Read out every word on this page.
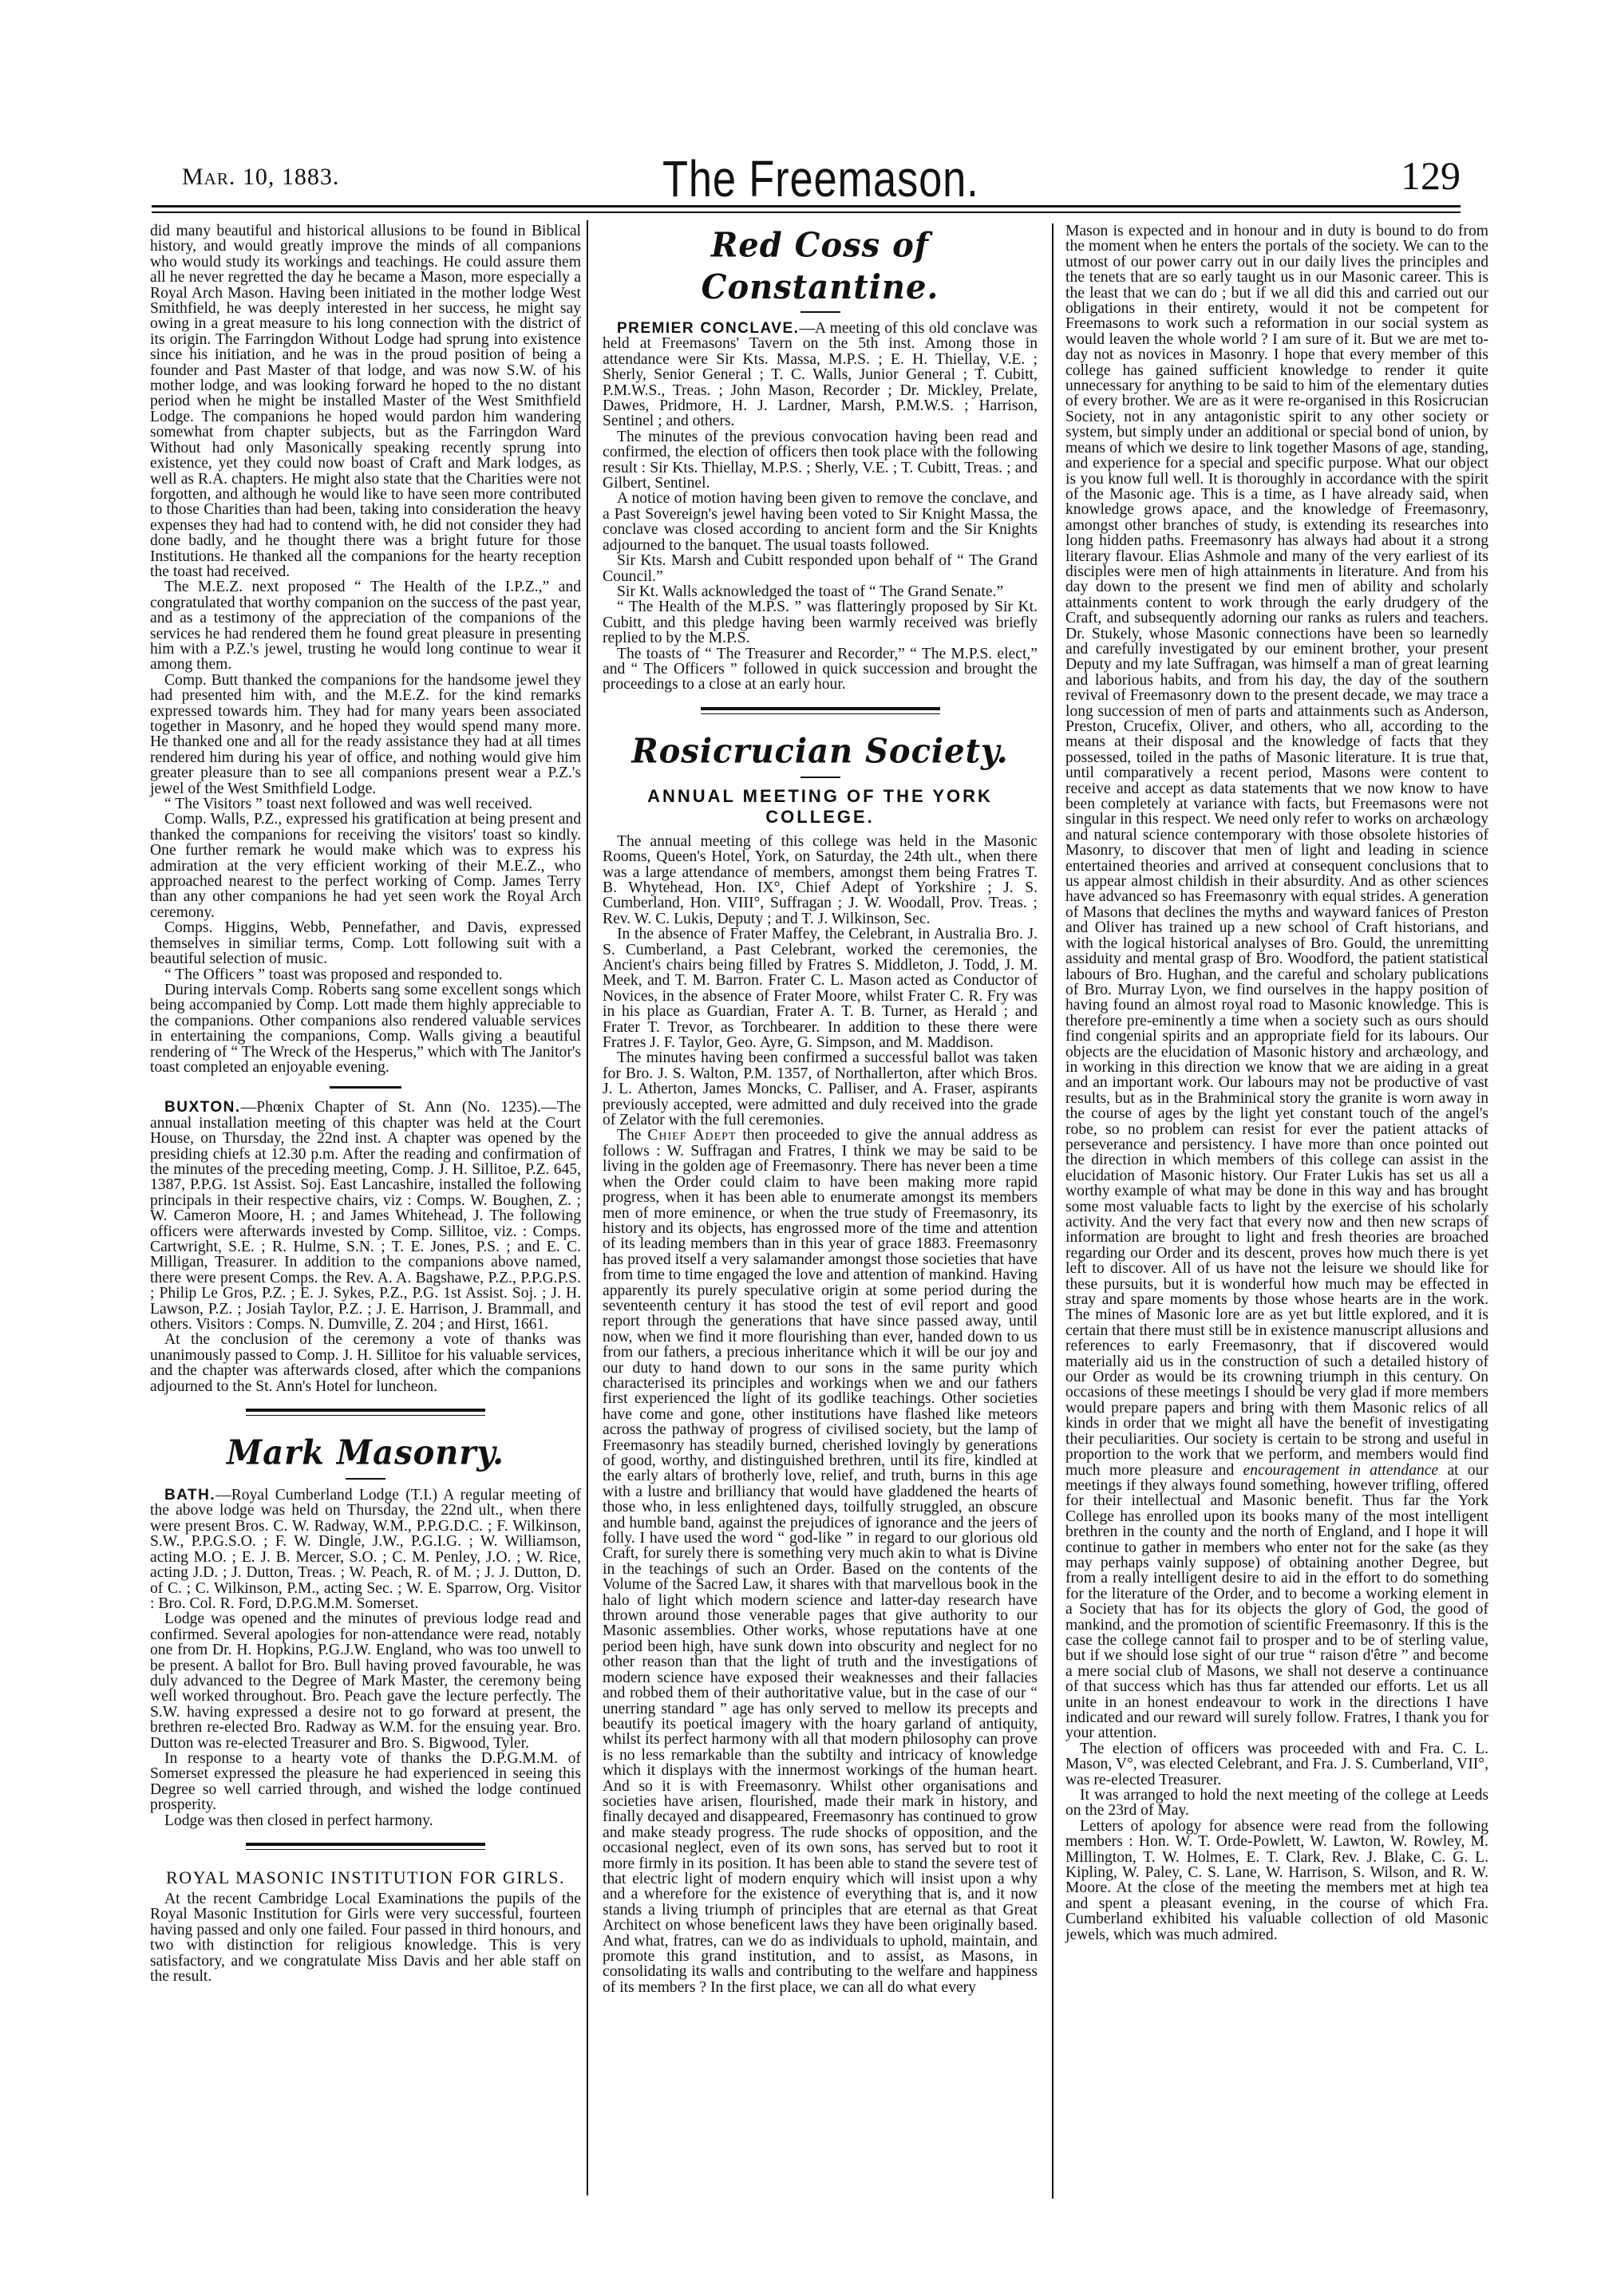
Mar. 10, 1883.	The Freemason.	129

did many beautiful and historical allusions to be found in Biblical history, and would greatly improve the minds of all companions who would study its workings and teachings. He could assure them all he never regretted the day he became a Mason, more especially a Royal Arch Mason. Having been initiated in the mother lodge West Smithfield, he was deeply interested in her success, he might say owing in a great measure to his long connection with the district of its origin. The Farringdon Without Lodge had sprung into existence since his initiation, and he was in the proud position of being a founder and Past Master of that lodge, and was now S.W. of his mother lodge, and was looking forward he hoped to the no distant period when he might be installed Master of the West Smithfield Lodge. The companions he hoped would pardon him wandering somewhat from chapter subjects, but as the Farringdon Ward Without had only Masonically speaking recently sprung into existence, yet they could now boast of Craft and Mark lodges, as well as R.A. chapters. He might also state that the Charities were not forgotten, and although he would like to have seen more contributed to those Charities than had been, taking into consideration the heavy expenses they had had to contend with, he did not consider they had done badly, and he thought there was a bright future for those Institutions. He thanked all the companions for the hearty reception the toast had received.

The M.E.Z. next proposed “ The Health of the I.P.Z.,” and congratulated that worthy companion on the success of the past year, and as a testimony of the appreciation of the companions of the services he had rendered them he found great pleasure in presenting him with a P.Z.'s jewel, trusting he would long continue to wear it among them.

Comp. Butt thanked the companions for the handsome jewel they had presented him with, and the M.E.Z. for the kind remarks expressed towards him. They had for many years been associated together in Masonry, and he hoped they would spend many more. He thanked one and all for the ready assistance they had at all times rendered him during his year of office, and nothing would give him greater pleasure than to see all companions present wear a P.Z.'s jewel of the West Smithfield Lodge.

“ The Visitors ” toast next followed and was well received.

Comp. Walls, P.Z., expressed his gratification at being present and thanked the companions for receiving the visitors' toast so kindly. One further remark he would make which was to express his admiration at the very efficient working of their M.E.Z., who approached nearest to the perfect working of Comp. James Terry than any other companions he had yet seen work the Royal Arch ceremony.

Comps. Higgins, Webb, Pennefather, and Davis, expressed themselves in similiar terms, Comp. Lott following suit with a beautiful selection of music.

“ The Officers ” toast was proposed and responded to.

During intervals Comp. Roberts sang some excellent songs which being accompanied by Comp. Lott made them highly appreciable to the companions. Other companions also rendered valuable services in entertaining the companions, Comp. Walls giving a beautiful rendering of “ The Wreck of the Hesperus,” which with The Janitor's toast completed an enjoyable evening.

BUXTON.—Phœnix Chapter of St. Ann (No. 1235).—The annual installation meeting of this chapter was held at the Court House, on Thursday, the 22nd inst. A chapter was opened by the presiding chiefs at 12.30 p.m. After the reading and confirmation of the minutes of the preceding meeting, Comp. J. H. Sillitoe, P.Z. 645, 1387, P.P.G. 1st Assist. Soj. East Lancashire, installed the following principals in their respective chairs, viz : Comps. W. Boughen, Z. ; W. Cameron Moore, H. ; and James Whitehead, J. The following officers were afterwards invested by Comp. Sillitoe, viz. : Comps. Cartwright, S.E. ; R. Hulme, S.N. ; T. E. Jones, P.S. ; and E. C. Milligan, Treasurer. In addition to the companions above named, there were present Comps. the Rev. A. A. Bagshawe, P.Z., P.P.G.P.S. ; Philip Le Gros, P.Z. ; E. J. Sykes, P.Z., P.G. 1st Assist. Soj. ; J. H. Lawson, P.Z. ; Josiah Taylor, P.Z. ; J. E. Harrison, J. Brammall, and others. Visitors : Comps. N. Dumville, Z. 204 ; and Hirst, 1661.

At the conclusion of the ceremony a vote of thanks was unanimously passed to Comp. J. H. Sillitoe for his valuable services, and the chapter was afterwards closed, after which the companions adjourned to the St. Ann's Hotel for luncheon.

Mark Masonry.

BATH.—Royal Cumberland Lodge (T.I.) A regular meeting of the above lodge was held on Thursday, the 22nd ult., when there were present Bros. C. W. Radway, W.M., P.P.G.D.C. ; F. Wilkinson, S.W., P.P.G.S.O. ; F. W. Dingle, J.W., P.G.I.G. ; W. Williamson, acting M.O. ; E. J. B. Mercer, S.O. ; C. M. Penley, J.O. ; W. Rice, acting J.D. ; J. Dutton, Treas. ; W. Peach, R. of M. ; J. J. Dutton, D. of C. ; C. Wilkinson, P.M., acting Sec. ; W. E. Sparrow, Org. Visitor : Bro. Col. R. Ford, D.P.G.M.M. Somerset.

Lodge was opened and the minutes of previous lodge read and confirmed. Several apologies for non-attendance were read, notably one from Dr. H. Hopkins, P.G.J.W. England, who was too unwell to be present. A ballot for Bro. Bull having proved favourable, he was duly advanced to the Degree of Mark Master, the ceremony being well worked throughout. Bro. Peach gave the lecture perfectly. The S.W. having expressed a desire not to go forward at present, the brethren re-elected Bro. Radway as W.M. for the ensuing year. Bro. Dutton was re-elected Treasurer and Bro. S. Bigwood, Tyler.

In response to a hearty vote of thanks the D.P.G.M.M. of Somerset expressed the pleasure he had experienced in seeing this Degree so well carried through, and wished the lodge continued prosperity.

Lodge was then closed in perfect harmony.

ROYAL MASONIC INSTITUTION FOR GIRLS.

At the recent Cambridge Local Examinations the pupils of the Royal Masonic Institution for Girls were very successful, fourteen having passed and only one failed. Four passed in third honours, and two with distinction for religious knowledge. This is very satisfactory, and we congratulate Miss Davis and her able staff on the result.

Red Coss of Constantine.

PREMIER CONCLAVE.—A meeting of this old conclave was held at Freemasons' Tavern on the 5th inst. Among those in attendance were Sir Kts. Massa, M.P.S. ; E. H. Thiellay, V.E. ; Sherly, Senior General ; T. C. Walls, Junior General ; T. Cubitt, P.M.W.S., Treas. ; John Mason, Recorder ; Dr. Mickley, Prelate, Dawes, Pridmore, H. J. Lardner, Marsh, P.M.W.S. ; Harrison, Sentinel ; and others.

The minutes of the previous convocation having been read and confirmed, the election of officers then took place with the following result : Sir Kts. Thiellay, M.P.S. ; Sherly, V.E. ; T. Cubitt, Treas. ; and Gilbert, Sentinel.

A notice of motion having been given to remove the conclave, and a Past Sovereign's jewel having been voted to Sir Knight Massa, the conclave was closed according to ancient form and the Sir Knights adjourned to the banquet. The usual toasts followed.

Sir Kts. Marsh and Cubitt responded upon behalf of “ The Grand Council.”

Sir Kt. Walls acknowledged the toast of “ The Grand Senate.”

“ The Health of the M.P.S. ” was flatteringly proposed by Sir Kt. Cubitt, and this pledge having been warmly received was briefly replied to by the M.P.S.

The toasts of “ The Treasurer and Recorder,” “ The M.P.S. elect,” and “ The Officers ” followed in quick succession and brought the proceedings to a close at an early hour.

Rosicrucian Society.
ANNUAL MEETING OF THE YORK COLLEGE.

The annual meeting of this college was held in the Masonic Rooms, Queen's Hotel, York, on Saturday, the 24th ult., when there was a large attendance of members, amongst them being Fratres T. B. Whytehead, Hon. IX°, Chief Adept of Yorkshire ; J. S. Cumberland, Hon. VIII°, Suffragan ; J. W. Woodall, Prov. Treas. ; Rev. W. C. Lukis, Deputy ; and T. J. Wilkinson, Sec.

In the absence of Frater Maffey, the Celebrant, in Australia Bro. J. S. Cumberland, a Past Celebrant, worked the ceremonies, the Ancient's chairs being filled by Fratres S. Middleton, J. Todd, J. M. Meek, and T. M. Barron. Frater C. L. Mason acted as Conductor of Novices, in the absence of Frater Moore, whilst Frater C. R. Fry was in his place as Guardian, Frater A. T. B. Turner, as Herald ; and Frater T. Trevor, as Torchbearer. In addition to these there were Fratres J. F. Taylor, Geo. Ayre, G. Simpson, and M. Maddison.

The minutes having been confirmed a successful ballot was taken for Bro. J. S. Walton, P.M. 1357, of Northallerton, after which Bros. J. L. Atherton, James Moncks, C. Palliser, and A. Fraser, aspirants previously accepted, were admitted and duly received into the grade of Zelator with the full ceremonies.

The Chief Adept then proceeded to give the annual address as follows : W. Suffragan and Fratres, I think we may be said to be living in the golden age of Freemasonry. There has never been a time when the Order could claim to have been making more rapid progress, when it has been able to enumerate amongst its members men of more eminence, or when the true study of Freemasonry, its history and its objects, has engrossed more of the time and attention of its leading members than in this year of grace 1883. Freemasonry has proved itself a very salamander amongst those societies that have from time to time engaged the love and attention of mankind. Having apparently its purely speculative origin at some period during the seventeenth century it has stood the test of evil report and good report through the generations that have since passed away, until now, when we find it more flourishing than ever, handed down to us from our fathers, a precious inheritance which it will be our joy and our duty to hand down to our sons in the same purity which characterised its principles and workings when we and our fathers first experienced the light of its godlike teachings. Other societies have come and gone, other institutions have flashed like meteors across the pathway of progress of civilised society, but the lamp of Freemasonry has steadily burned, cherished lovingly by generations of good, worthy, and distinguished brethren, until its fire, kindled at the early altars of brotherly love, relief, and truth, burns in this age with a lustre and brilliancy that would have gladdened the hearts of those who, in less enlightened days, toilfully struggled, an obscure and humble band, against the prejudices of ignorance and the jeers of folly. I have used the word “ god-like ” in regard to our glorious old Craft, for surely there is something very much akin to what is Divine in the teachings of such an Order. Based on the contents of the Volume of the Sacred Law, it shares with that marvellous book in the halo of light which modern science and latter-day research have thrown around those venerable pages that give authority to our Masonic assemblies. Other works, whose reputations have at one period been high, have sunk down into obscurity and neglect for no other reason than that the light of truth and the investigations of modern science have exposed their weaknesses and their fallacies and robbed them of their authoritative value, but in the case of our “ unerring standard ” age has only served to mellow its precepts and beautify its poetical imagery with the hoary garland of antiquity, whilst its perfect harmony with all that modern philosophy can prove is no less remarkable than the subtilty and intricacy of knowledge which it displays with the innermost workings of the human heart. And so it is with Freemasonry. Whilst other organisations and societies have arisen, flourished, made their mark in history, and finally decayed and disappeared, Freemasonry has continued to grow and make steady progress. The rude shocks of opposition, and the occasional neglect, even of its own sons, has served but to root it more firmly in its position. It has been able to stand the severe test of that electric light of modern enquiry which will insist upon a why and a wherefore for the existence of everything that is, and it now stands a living triumph of principles that are eternal as that Great Architect on whose beneficent laws they have been originally based. And what, fratres, can we do as individuals to uphold, maintain, and promote this grand institution, and to assist, as Masons, in consolidating its walls and contributing to the welfare and happiness of its members ? In the first place, we can all do what every

Mason is expected and in honour and in duty is bound to do from the moment when he enters the portals of the society. We can to the utmost of our power carry out in our daily lives the principles and the tenets that are so early taught us in our Masonic career. This is the least that we can do ; but if we all did this and carried out our obligations in their entirety, would it not be competent for Freemasons to work such a reformation in our social system as would leaven the whole world ? I am sure of it. But we are met to-day not as novices in Masonry. I hope that every member of this college has gained sufficient knowledge to render it quite unnecessary for anything to be said to him of the elementary duties of every brother. We are as it were re-organised in this Rosicrucian Society, not in any antagonistic spirit to any other society or system, but simply under an additional or special bond of union, by means of which we desire to link together Masons of age, standing, and experience for a special and specific purpose. What our object is you know full well. It is thoroughly in accordance with the spirit of the Masonic age. This is a time, as I have already said, when knowledge grows apace, and the knowledge of Freemasonry, amongst other branches of study, is extending its researches into long hidden paths. Freemasonry has always had about it a strong literary flavour. Elias Ashmole and many of the very earliest of its disciples were men of high attainments in literature. And from his day down to the present we find men of ability and scholarly attainments content to work through the early drudgery of the Craft, and subsequently adorning our ranks as rulers and teachers. Dr. Stukely, whose Masonic connections have been so learnedly and carefully investigated by our eminent brother, your present Deputy and my late Suffragan, was himself a man of great learning and laborious habits, and from his day, the day of the southern revival of Freemasonry down to the present decade, we may trace a long succession of men of parts and attainments such as Anderson, Preston, Crucefix, Oliver, and others, who all, according to the means at their disposal and the knowledge of facts that they possessed, toiled in the paths of Masonic literature. It is true that, until comparatively a recent period, Masons were content to receive and accept as data statements that we now know to have been completely at variance with facts, but Freemasons were not singular in this respect. We need only refer to works on archæology and natural science contemporary with those obsolete histories of Masonry, to discover that men of light and leading in science entertained theories and arrived at consequent conclusions that to us appear almost childish in their absurdity. And as other sciences have advanced so has Freemasonry with equal strides. A generation of Masons that declines the myths and wayward fanices of Preston and Oliver has trained up a new school of Craft historians, and with the logical historical analyses of Bro. Gould, the unremitting assiduity and mental grasp of Bro. Woodford, the patient statistical labours of Bro. Hughan, and the careful and scholary publications of Bro. Murray Lyon, we find ourselves in the happy position of having found an almost royal road to Masonic knowledge. This is therefore pre-eminently a time when a society such as ours should find congenial spirits and an appropriate field for its labours. Our objects are the elucidation of Masonic history and archæology, and in working in this direction we know that we are aiding in a great and an important work. Our labours may not be productive of vast results, but as in the Brahminical story the granite is worn away in the course of ages by the light yet constant touch of the angel's robe, so no problem can resist for ever the patient attacks of perseverance and persistency. I have more than once pointed out the direction in which members of this college can assist in the elucidation of Masonic history. Our Frater Lukis has set us all a worthy example of what may be done in this way and has brought some most valuable facts to light by the exercise of his scholarly activity. And the very fact that every now and then new scraps of information are brought to light and fresh theories are broached regarding our Order and its descent, proves how much there is yet left to discover. All of us have not the leisure we should like for these pursuits, but it is wonderful how much may be effected in stray and spare moments by those whose hearts are in the work. The mines of Masonic lore are as yet but little explored, and it is certain that there must still be in existence manuscript allusions and references to early Freemasonry, that if discovered would materially aid us in the construction of such a detailed history of our Order as would be its crowning triumph in this century. On occasions of these meetings I should be very glad if more members would prepare papers and bring with them Masonic relics of all kinds in order that we might all have the benefit of investigating their peculiarities. Our society is certain to be strong and useful in proportion to the work that we perform, and members would find much more pleasure and encouragement in attendance at our meetings if they always found something, however trifling, offered for their intellectual and Masonic benefit. Thus far the York College has enrolled upon its books many of the most intelligent brethren in the county and the north of England, and I hope it will continue to gather in members who enter not for the sake (as they may perhaps vainly suppose) of obtaining another Degree, but from a really intelligent desire to aid in the effort to do something for the literature of the Order, and to become a working element in a Society that has for its objects the glory of God, the good of mankind, and the promotion of scientific Freemasonry. If this is the case the college cannot fail to prosper and to be of sterling value, but if we should lose sight of our true “ raison d'être ” and become a mere social club of Masons, we shall not deserve a continuance of that success which has thus far attended our efforts. Let us all unite in an honest endeavour to work in the directions I have indicated and our reward will surely follow. Fratres, I thank you for your attention.

The election of officers was proceeded with and Fra. C. L. Mason, V°, was elected Celebrant, and Fra. J. S. Cumberland, VII°, was re-elected Treasurer.

It was arranged to hold the next meeting of the college at Leeds on the 23rd of May.

Letters of apology for absence were read from the following members : Hon. W. T. Orde-Powlett, W. Lawton, W. Rowley, M. Millington, T. W. Holmes, E. T. Clark, Rev. J. Blake, C. G. L. Kipling, W. Paley, C. S. Lane, W. Harrison, S. Wilson, and R. W. Moore. At the close of the meeting the members met at high tea and spent a pleasant evening, in the course of which Fra. Cumberland exhibited his valuable collection of old Masonic jewels, which was much admired.
